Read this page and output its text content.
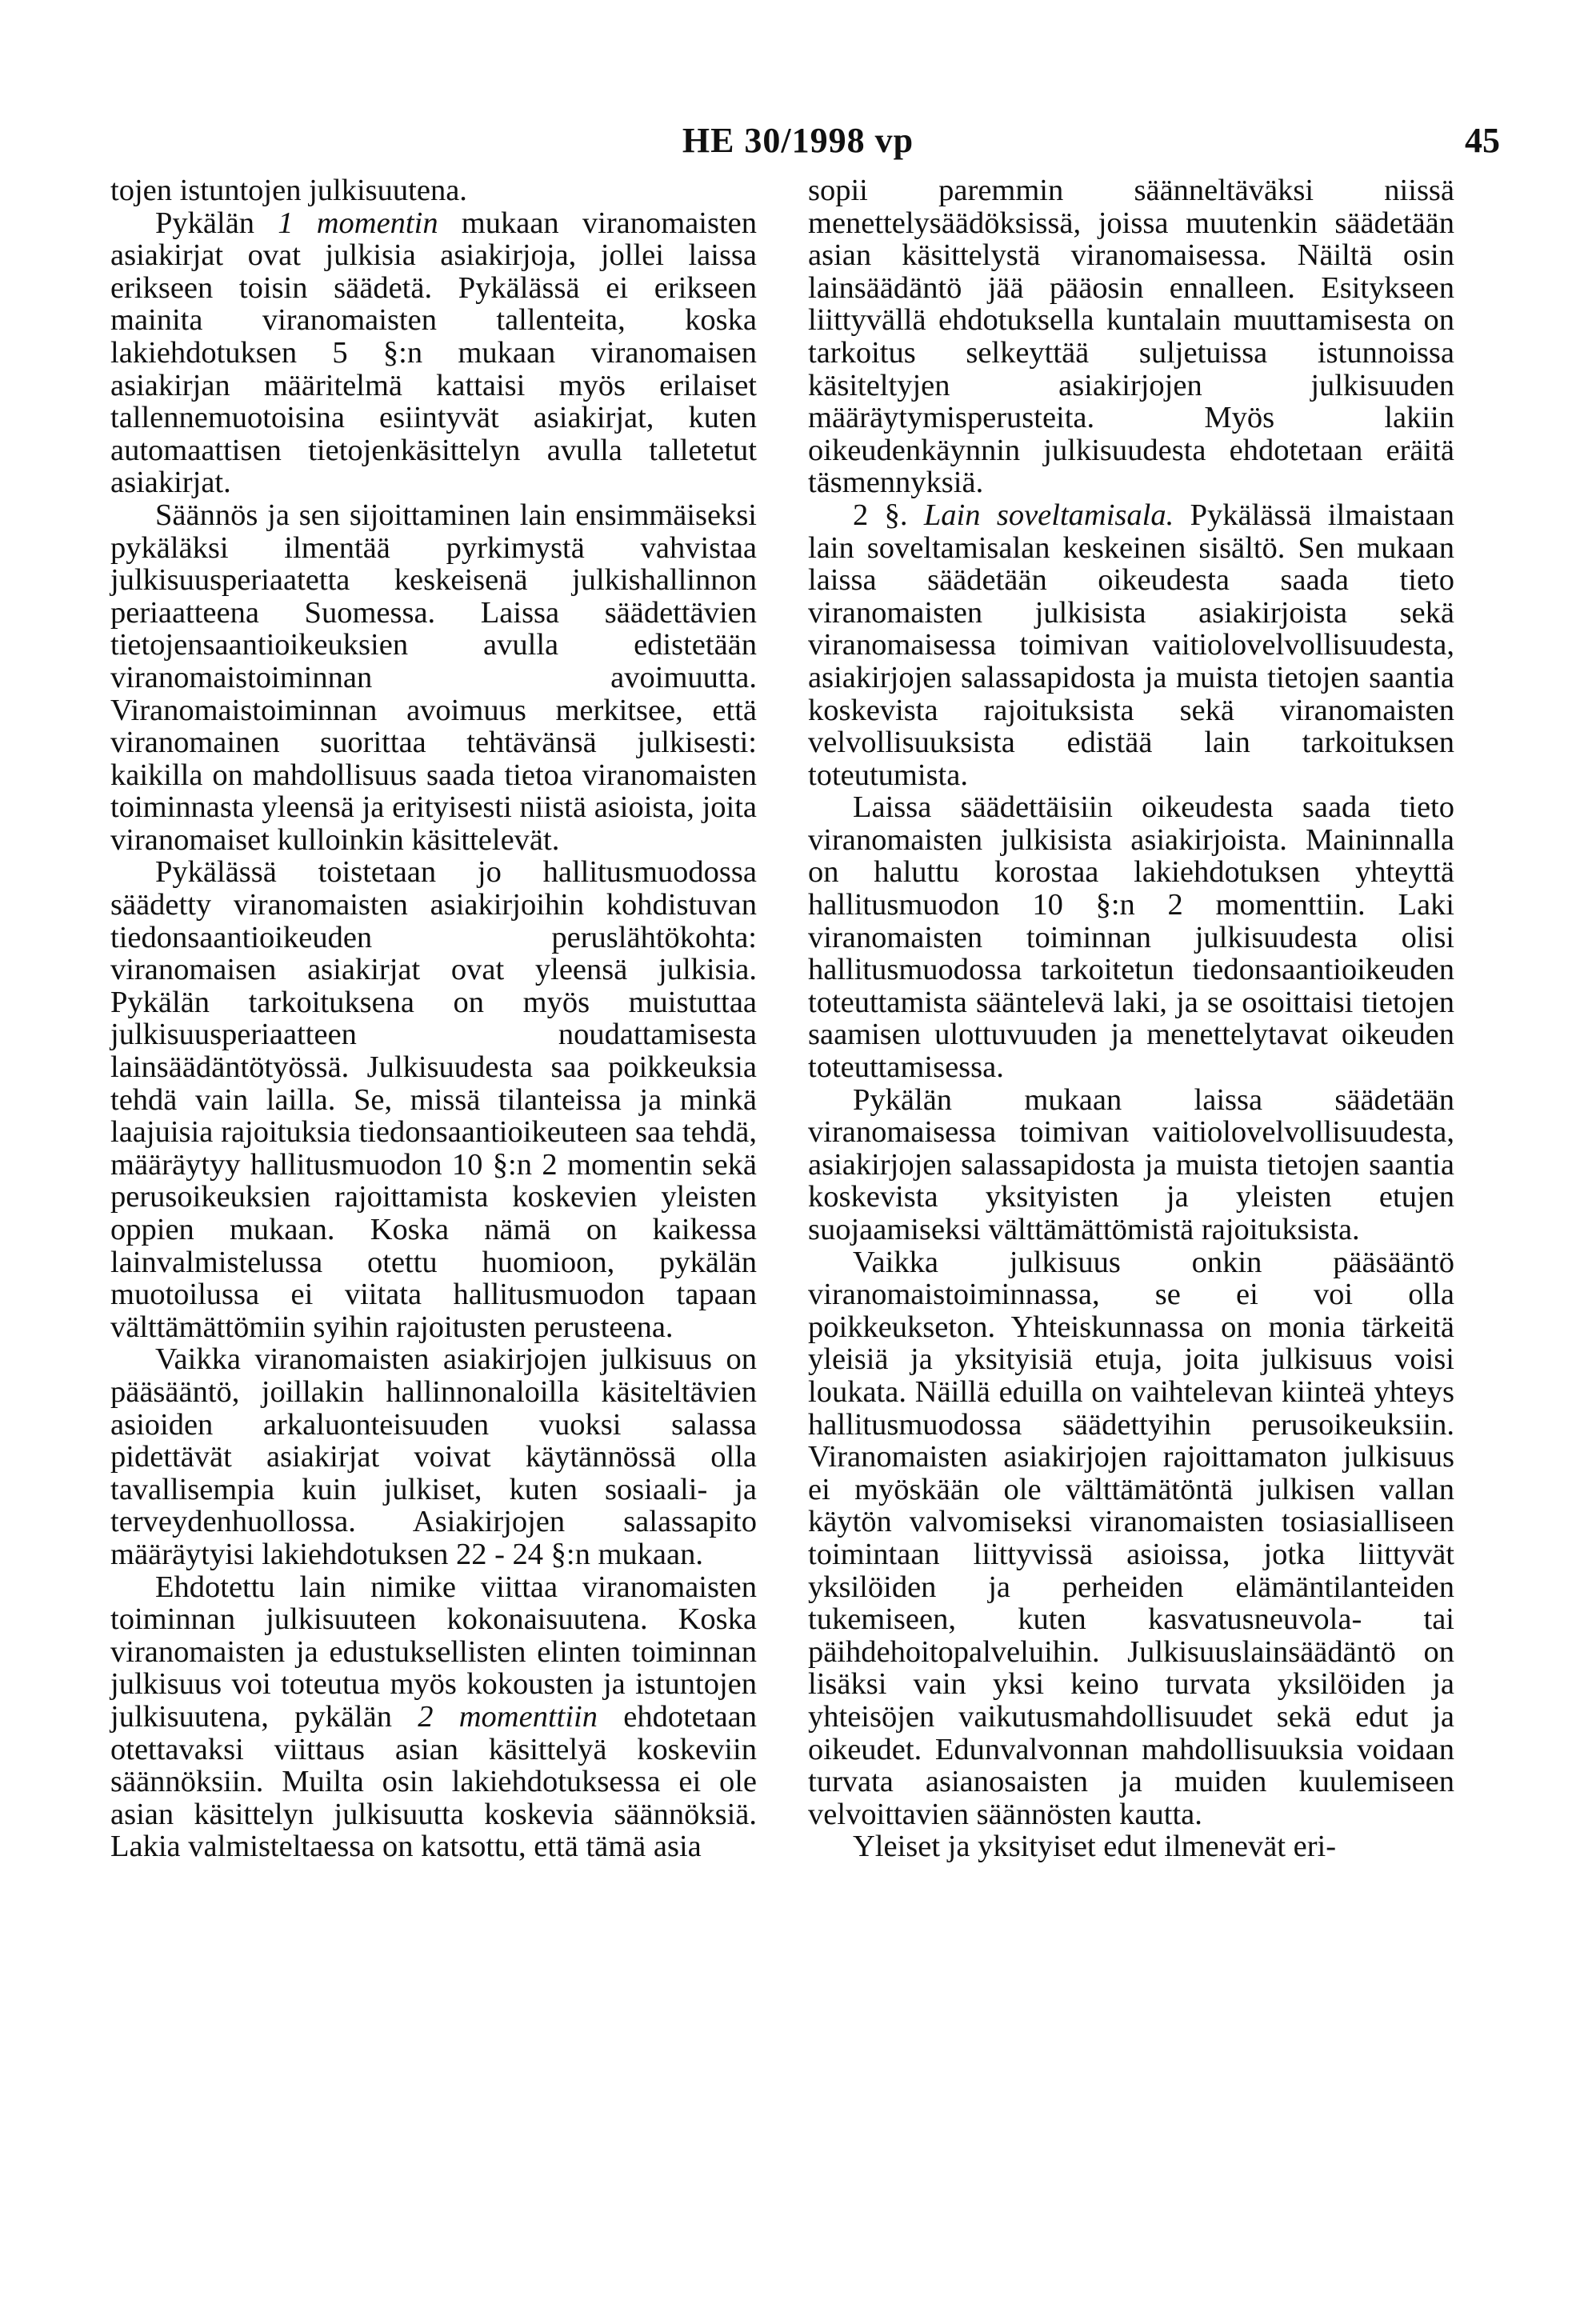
HE 30/1998 vp	45

tojen istuntojen julkisuutena.

Pykälän 1 momentin mukaan viranomaisten asiakirjat ovat julkisia asiakirjoja, jollei laissa erikseen toisin säädetä. Pykälässä ei erikseen mainita viranomaisten tallenteita, koska lakiehdotuksen 5 §:n mukaan viranomaisen asiakirjan määritelmä kattaisi myös erilaiset tallennemuotoisina esiintyvät asiakirjat, kuten automaattisen tietojenkäsittelyn avulla talletetut asiakirjat.

Säännös ja sen sijoittaminen lain ensimmäiseksi pykäläksi ilmentää pyrkimystä vahvistaa julkisuusperiaatetta keskeisenä julkishallinnon periaatteena Suomessa. Laissa säädettävien tietojensaantioikeuksien avulla edistetään viranomaistoiminnan avoimuutta. Viranomaistoiminnan avoimuus merkitsee, että viranomainen suorittaa tehtävänsä julkisesti: kaikilla on mahdollisuus saada tietoa viranomaisten toiminnasta yleensä ja erityisesti niistä asioista, joita viranomaiset kulloinkin käsittelevät.

Pykälässä toistetaan jo hallitusmuodossa säädetty viranomaisten asiakirjoihin kohdistuvan tiedonsaantioikeuden peruslähtökohta: viranomaisen asiakirjat ovat yleensä julkisia. Pykälän tarkoituksena on myös muistuttaa julkisuusperiaatteen noudattamisesta lainsäädäntötyössä. Julkisuudesta saa poikkeuksia tehdä vain lailla. Se, missä tilanteissa ja minkä laajuisia rajoituksia tiedonsaantioikeuteen saa tehdä, määräytyy hallitusmuodon 10 §:n 2 momentin sekä perusoikeuksien rajoittamista koskevien yleisten oppien mukaan. Koska nämä on kaikessa lainvalmistelussa otettu huomioon, pykälän muotoilussa ei viitata hallitusmuodon tapaan välttämättömiin syihin rajoitusten perusteena.

Vaikka viranomaisten asiakirjojen julkisuus on pääsääntö, joillakin hallinnonaloilla käsiteltävien asioiden arkaluonteisuuden vuoksi salassa pidettävät asiakirjat voivat käytännössä olla tavallisempia kuin julkiset, kuten sosiaali- ja terveydenhuollossa. Asiakirjojen salassapito määräytyisi lakiehdotuksen 22 - 24 §:n mukaan.

Ehdotettu lain nimike viittaa viranomaisten toiminnan julkisuuteen kokonaisuutena. Koska viranomaisten ja edustuksellisten elinten toiminnan julkisuus voi toteutua myös kokousten ja istuntojen julkisuutena, pykälän 2 momenttiin ehdotetaan otettavaksi viittaus asian käsittelyä koskeviin säännöksiin. Muilta osin lakiehdotuksessa ei ole asian käsittelyn julkisuutta koskevia säännöksiä. Lakia valmisteltaessa on katsottu, että tämä asia

sopii paremmin säänneltäväksi niissä menettelysäädöksissä, joissa muutenkin säädetään asian käsittelystä viranomaisessa. Näiltä osin lainsäädäntö jää pääosin ennalleen. Esitykseen liittyvällä ehdotuksella kuntalain muuttamisesta on tarkoitus selkeyttää suljetuissa istunnoissa käsiteltyjen asiakirjojen julkisuuden määräytymisperusteita. Myös lakiin oikeudenkäynnin julkisuudesta ehdotetaan eräitä täsmennyksiä.

2 §. Lain soveltamisala. Pykälässä ilmaistaan lain soveltamisalan keskeinen sisältö. Sen mukaan laissa säädetään oikeudesta saada tieto viranomaisten julkisista asiakirjoista sekä viranomaisessa toimivan vaitiolovelvollisuudesta, asiakirjojen salassapidosta ja muista tietojen saantia koskevista rajoituksista sekä viranomaisten velvollisuuksista edistää lain tarkoituksen toteutumista.

Laissa säädettäisiin oikeudesta saada tieto viranomaisten julkisista asiakirjoista. Maininnalla on haluttu korostaa lakiehdotuksen yhteyttä hallitusmuodon 10 §:n 2 momenttiin. Laki viranomaisten toiminnan julkisuudesta olisi hallitusmuodossa tarkoitetun tiedonsaantioikeuden toteuttamista sääntelevä laki, ja se osoittaisi tietojen saamisen ulottuvuuden ja menettelytavat oikeuden toteuttamisessa.

Pykälän mukaan laissa säädetään viranomaisessa toimivan vaitiolovelvollisuudesta, asiakirjojen salassapidosta ja muista tietojen saantia koskevista yksityisten ja yleisten etujen suojaamiseksi välttämättömistä rajoituksista.

Vaikka julkisuus onkin pääsääntö viranomaistoiminnassa, se ei voi olla poikkeukseton. Yhteiskunnassa on monia tärkeitä yleisiä ja yksityisiä etuja, joita julkisuus voisi loukata. Näillä eduilla on vaihtelevan kiinteä yhteys hallitusmuodossa säädettyihin perusoikeuksiin. Viranomaisten asiakirjojen rajoittamaton julkisuus ei myöskään ole välttämätöntä julkisen vallan käytön valvomiseksi viranomaisten tosiasialliseen toimintaan liittyvissä asioissa, jotka liittyvät yksilöiden ja perheiden elämäntilanteiden tukemiseen, kuten kasvatusneuvola- tai päihdehoitopalveluihin. Julkisuuslainsäädäntö on lisäksi vain yksi keino turvata yksilöiden ja yhteisöjen vaikutusmahdollisuudet sekä edut ja oikeudet. Edunvalvonnan mahdollisuuksia voidaan turvata asianosaisten ja muiden kuulemiseen velvoittavien säännösten kautta.

Yleiset ja yksityiset edut ilmenevät eri-
